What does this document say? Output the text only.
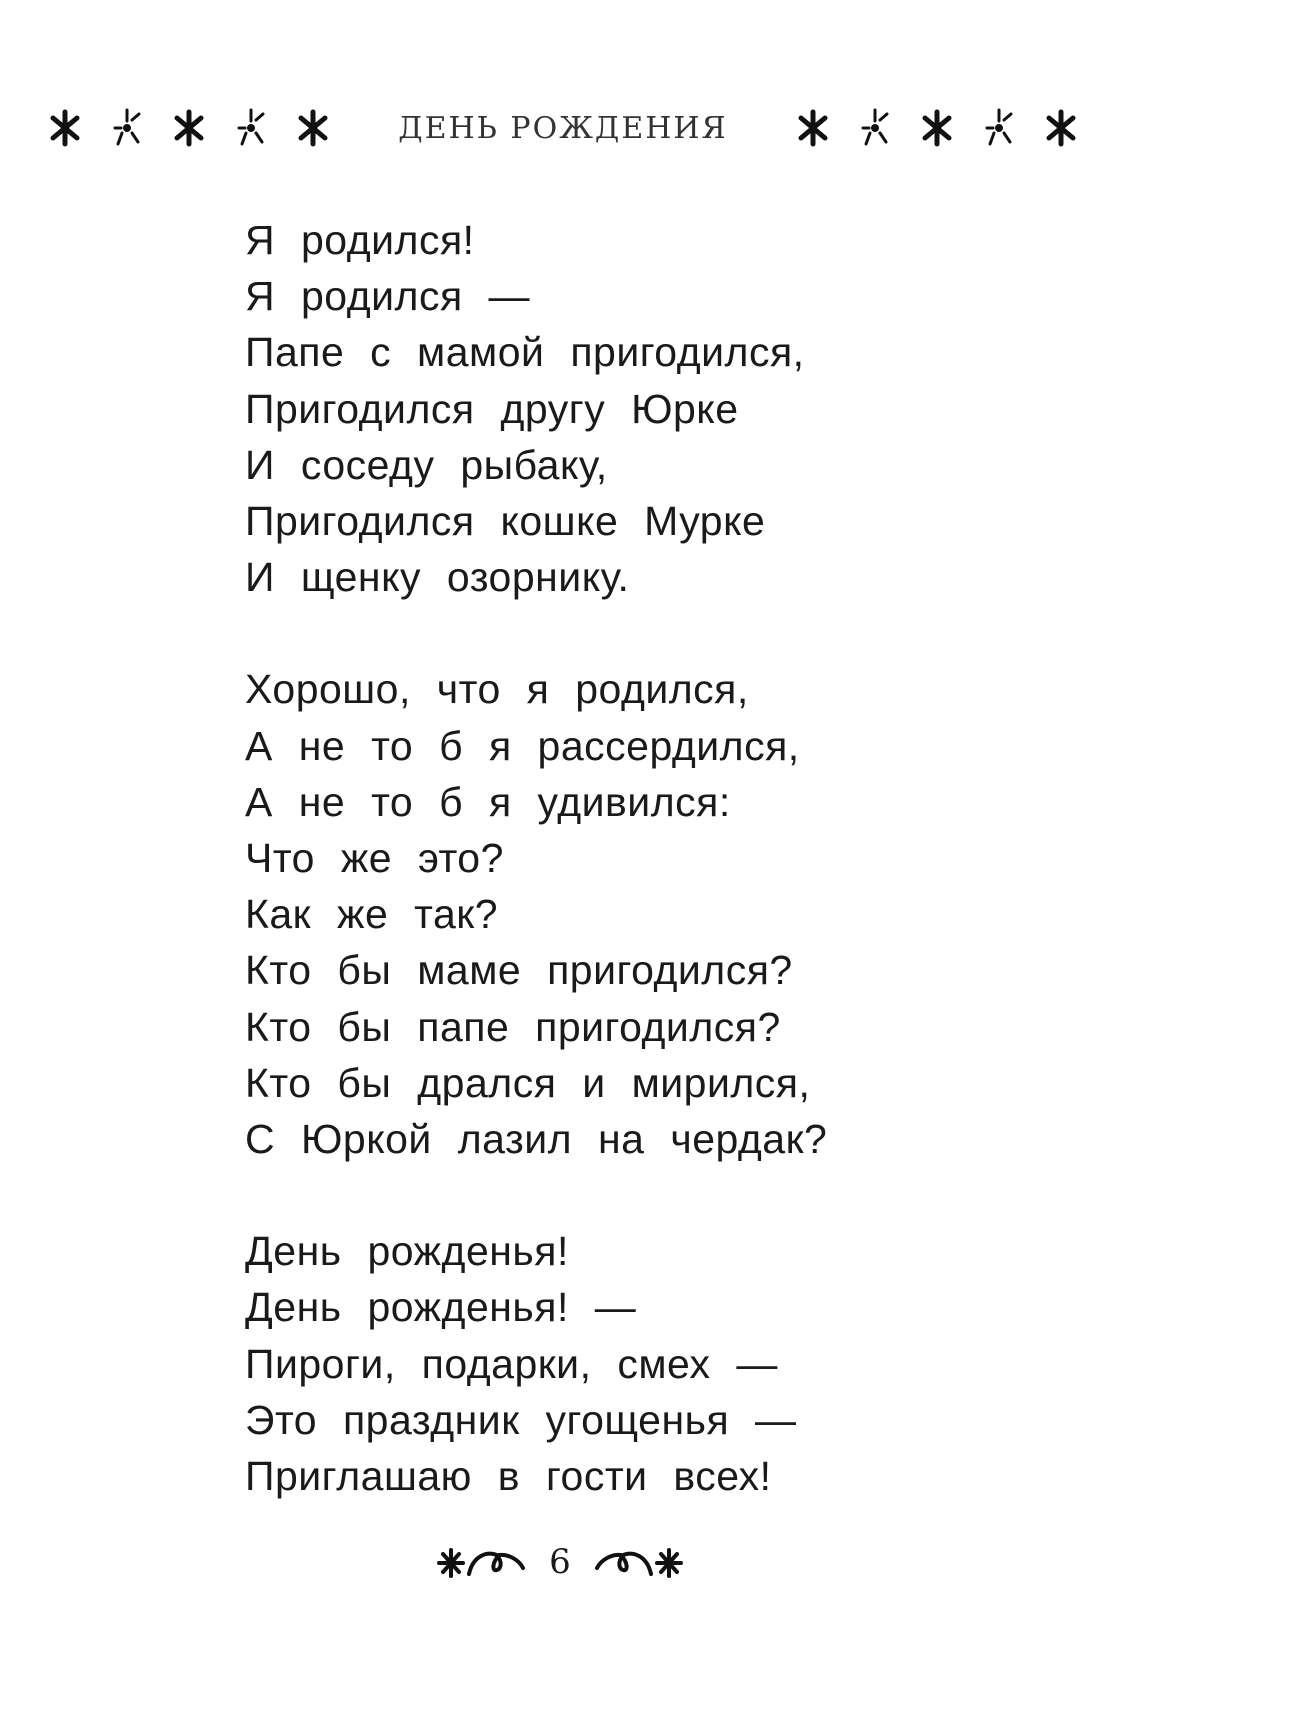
ДЕНЬ РОЖДЕНИЯ
Я родился!
Я родился —
Папе с мамой пригодился,
Пригодился другу Юрке
И соседу рыбаку,
Пригодился кошке Мурке
И щенку озорнику.
Хорошо, что я родился,
А не то б я рассердился,
А не то б я удивился:
Что же это?
Как же так?
Кто бы маме пригодился?
Кто бы папе пригодился?
Кто бы дрался и мирился,
С Юркой лазил на чердак?
День рожденья!
День рожденья! —
Пироги, подарки, смех —
Это праздник угощенья —
Приглашаю в гости всех!
6
